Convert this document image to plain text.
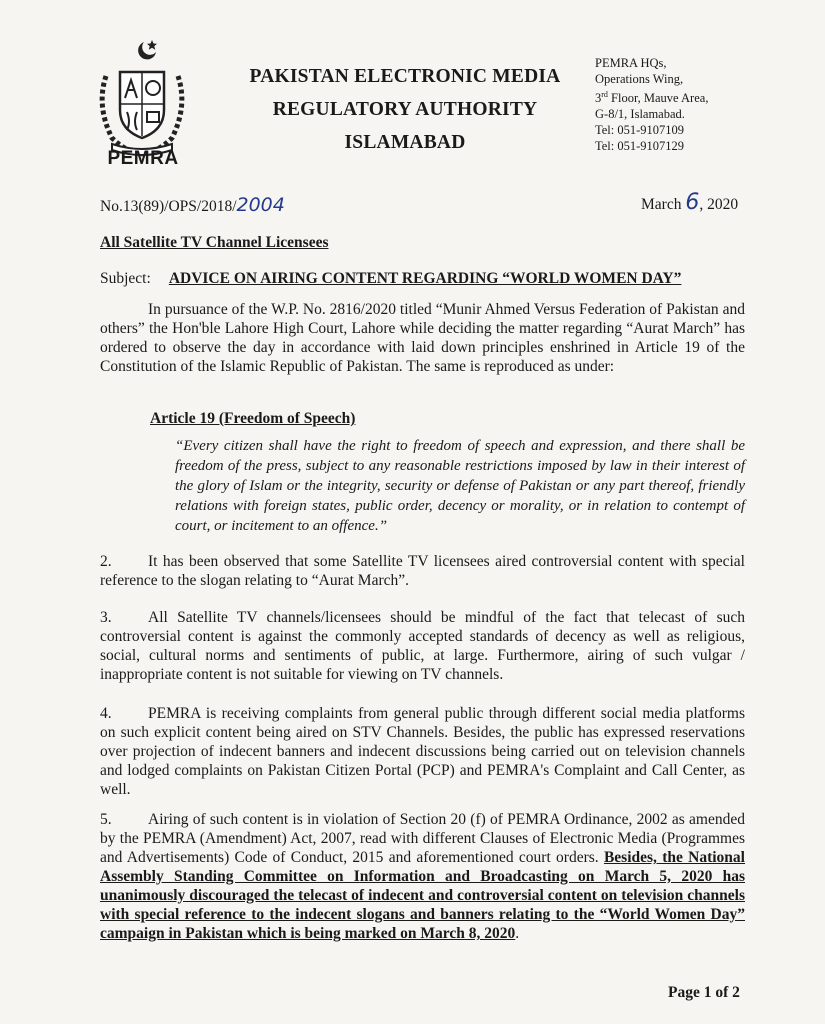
PEMRA
PAKISTAN ELECTRONIC MEDIA
REGULATORY AUTHORITY
ISLAMABAD
PEMRA HQs,
Operations Wing,
3rd Floor, Mauve Area,
G-8/1, Islamabad.
Tel: 051-9107109
Tel: 051-9107129
No.13(89)/OPS/2018/2004	March 6, 2020
All Satellite TV Channel Licensees
Subject: ADVICE ON AIRING CONTENT REGARDING “WORLD WOMEN DAY”
In pursuance of the W.P. No. 2816/2020 titled “Munir Ahmed Versus Federation of Pakistan and others” the Hon'ble Lahore High Court, Lahore while deciding the matter regarding “Aurat March” has ordered to observe the day in accordance with laid down principles enshrined in Article 19 of the Constitution of the Islamic Republic of Pakistan. The same is reproduced as under:
Article 19 (Freedom of Speech)
“Every citizen shall have the right to freedom of speech and expression, and there shall be freedom of the press, subject to any reasonable restrictions imposed by law in their interest of the glory of Islam or the integrity, security or defense of Pakistan or any part thereof, friendly relations with foreign states, public order, decency or morality, or in relation to contempt of court, or incitement to an offence.”
2. It has been observed that some Satellite TV licensees aired controversial content with special reference to the slogan relating to “Aurat March”.
3. All Satellite TV channels/licensees should be mindful of the fact that telecast of such controversial content is against the commonly accepted standards of decency as well as religious, social, cultural norms and sentiments of public, at large. Furthermore, airing of such vulgar / inappropriate content is not suitable for viewing on TV channels.
4. PEMRA is receiving complaints from general public through different social media platforms on such explicit content being aired on STV Channels. Besides, the public has expressed reservations over projection of indecent banners and indecent discussions being carried out on television channels and lodged complaints on Pakistan Citizen Portal (PCP) and PEMRA's Complaint and Call Center, as well.
5. Airing of such content is in violation of Section 20 (f) of PEMRA Ordinance, 2002 as amended by the PEMRA (Amendment) Act, 2007, read with different Clauses of Electronic Media (Programmes and Advertisements) Code of Conduct, 2015 and aforementioned court orders. Besides, the National Assembly Standing Committee on Information and Broadcasting on March 5, 2020 has unanimously discouraged the telecast of indecent and controversial content on television channels with special reference to the indecent slogans and banners relating to the “World Women Day” campaign in Pakistan which is being marked on March 8, 2020.
Page 1 of 2
